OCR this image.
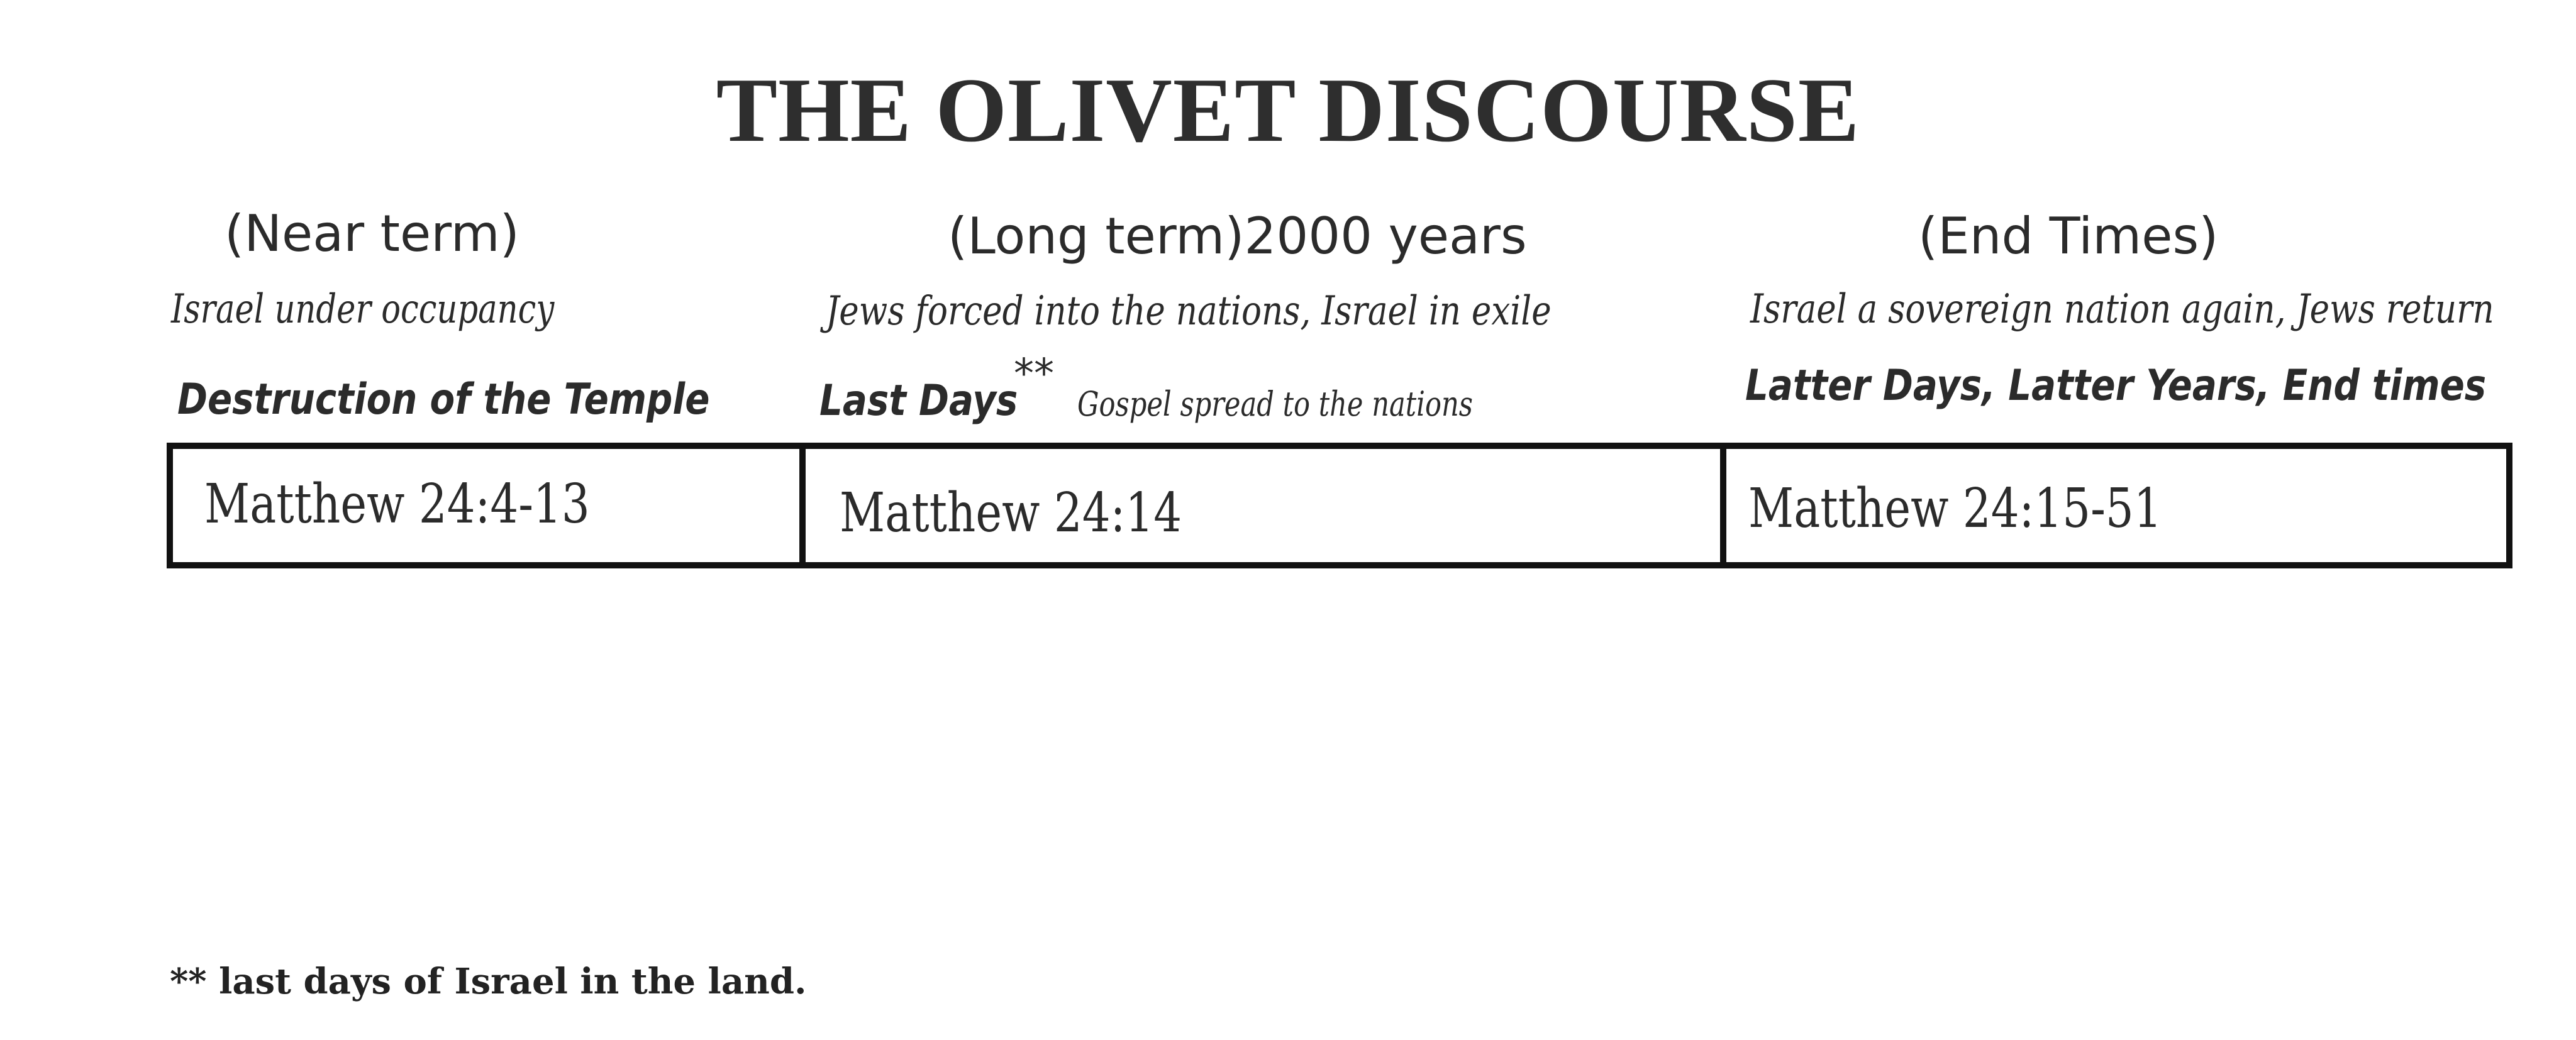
THE OLIVET DISCOURSE
(Near term)
Israel under occupancy
Destruction of the Temple
(Long term)2000 years
Jews forced into the nations, Israel in exile
Last Days
**
Gospel spread to the nations
(End Times)
Israel a sovereign nation again, Jews return
Latter Days, Latter Years, End times
Matthew 24:4-13	Matthew 24:14	Matthew 24:15-51
** last days of Israel in the land.
